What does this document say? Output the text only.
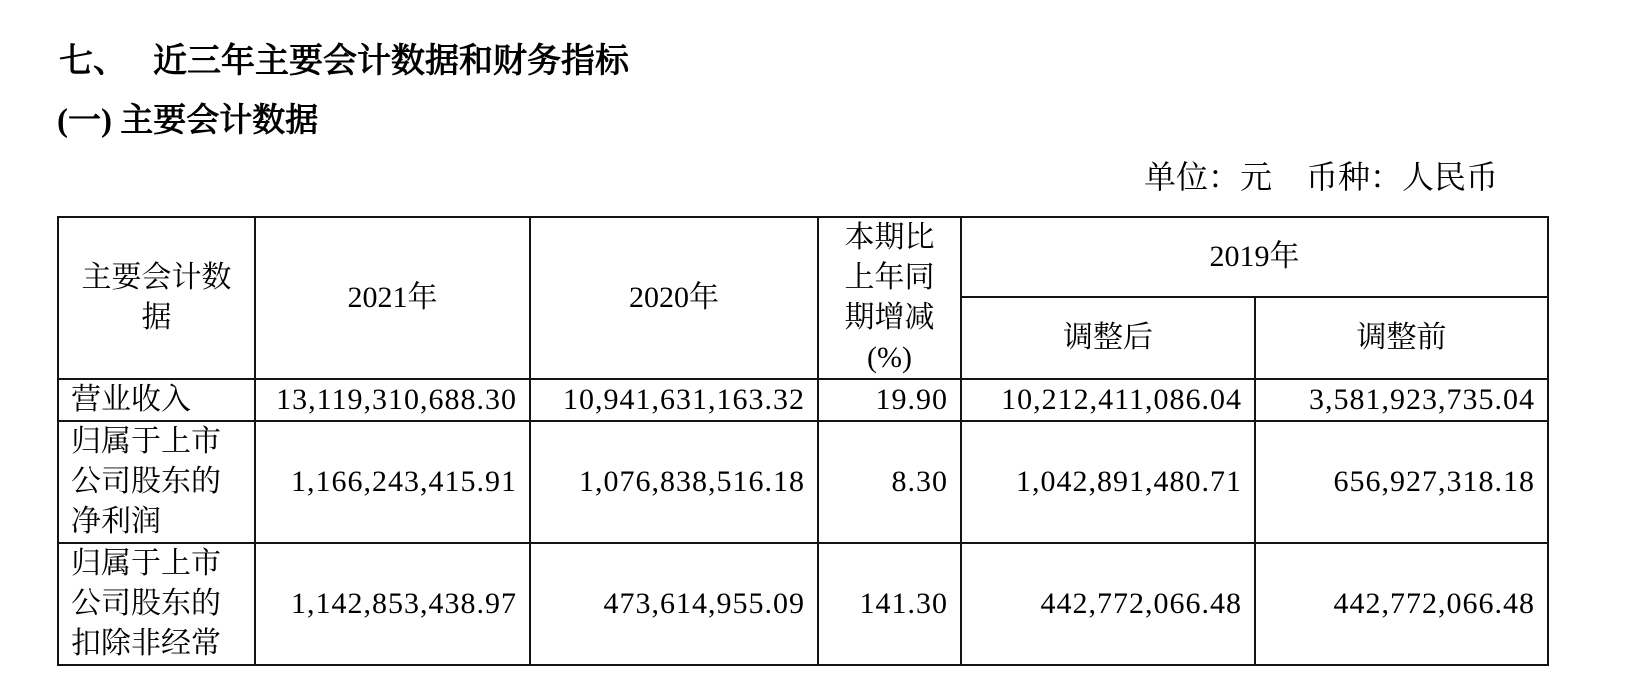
七、 近三年主要会计数据和财务指标
(一) 主要会计数据
单位：元 币种：人民币
主要会计数据	2021年	2020年	本期比上年同期增减(%)	2019年	
				调整后	调整前
营业收入	13,119,310,688.30	10,941,631,163.32	19.90	10,212,411,086.04	3,581,923,735.04
归属于上市公司股东的净利润	1,166,243,415.91	1,076,838,516.18	8.30	1,042,891,480.71	656,927,318.18
归属于上市公司股东的扣除非经常	1,142,853,438.97	473,614,955.09	141.30	442,772,066.48	442,772,066.48
